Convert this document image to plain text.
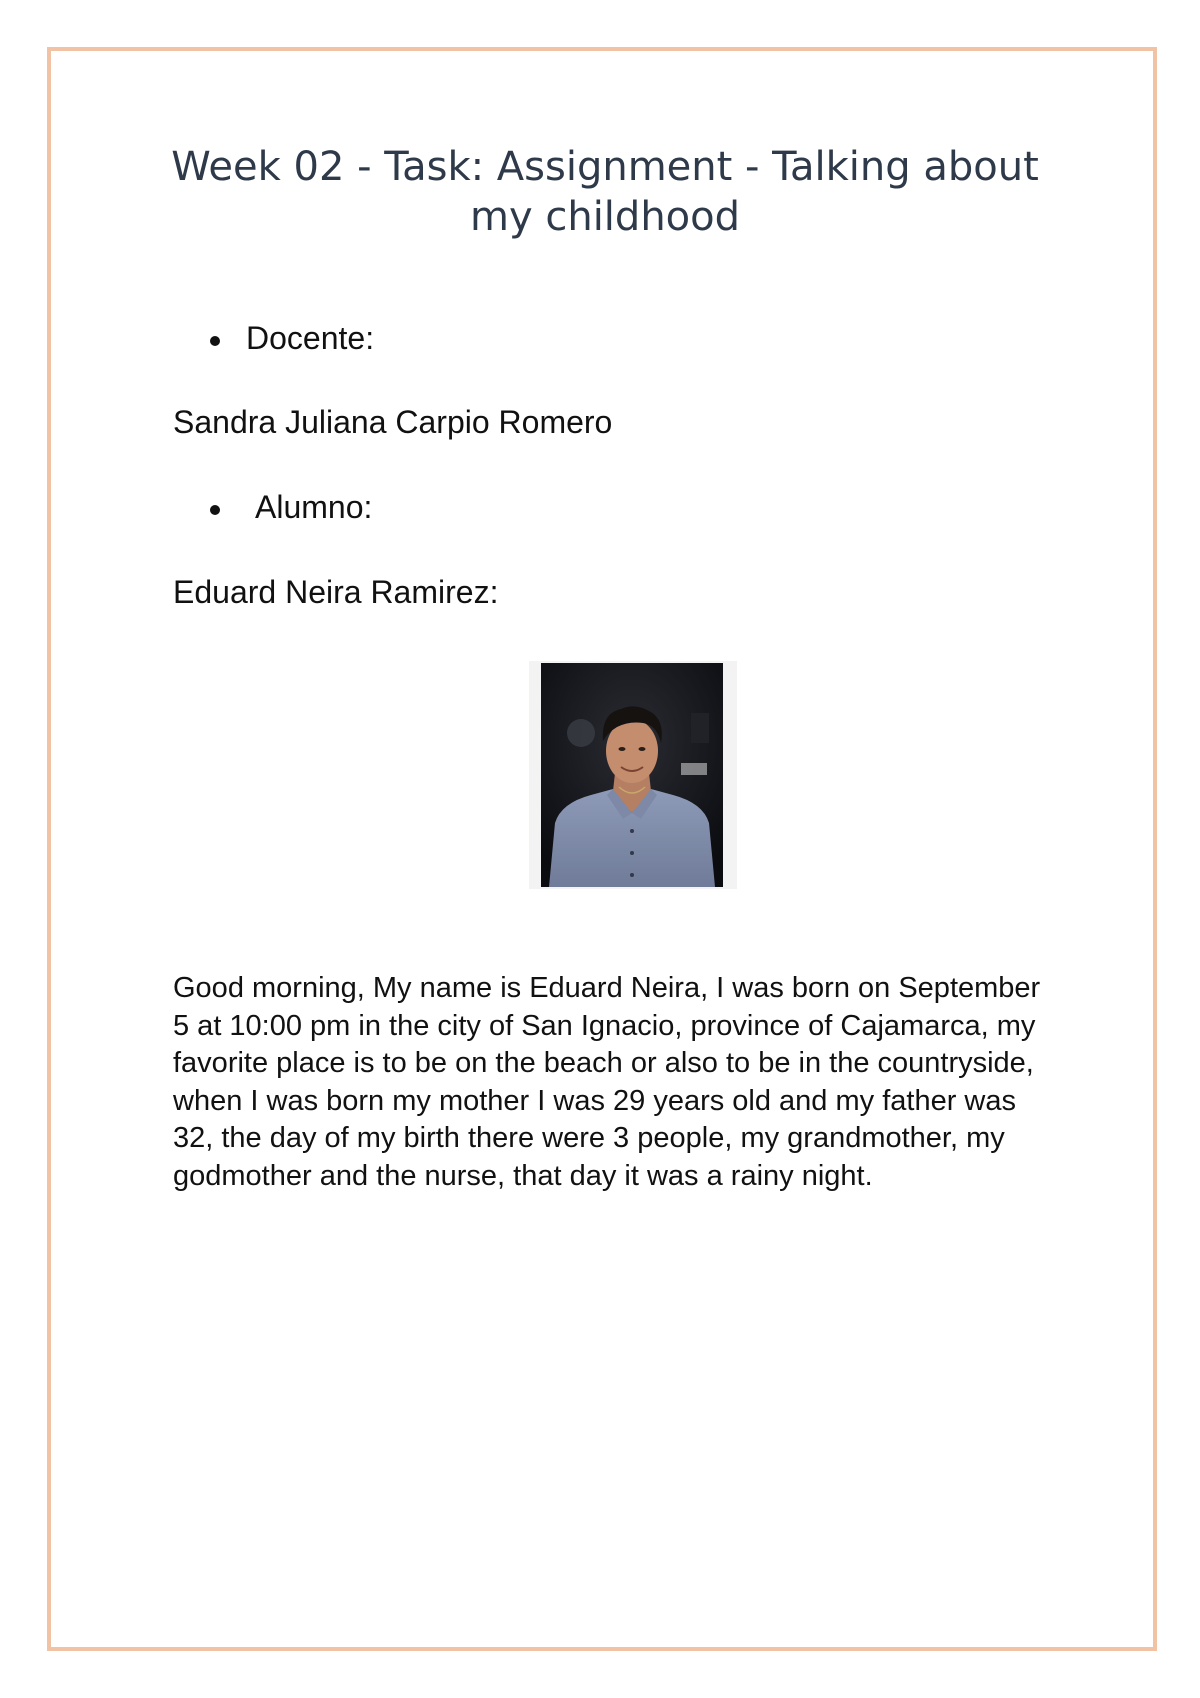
Week 02 - Task: Assignment - Talking about my childhood
Docente:
Sandra Juliana Carpio Romero
Alumno:
Eduard Neira Ramirez:

Good morning, My name is Eduard Neira, I was born on September 5 at 10:00 pm in the city of San Ignacio, province of Cajamarca, my favorite place is to be on the beach or also to be in the countryside, when I was born my mother I was 29 years old and my father was 32, the day of my birth there were 3 people, my grandmother, my godmother and the nurse, that day it was a rainy night.
